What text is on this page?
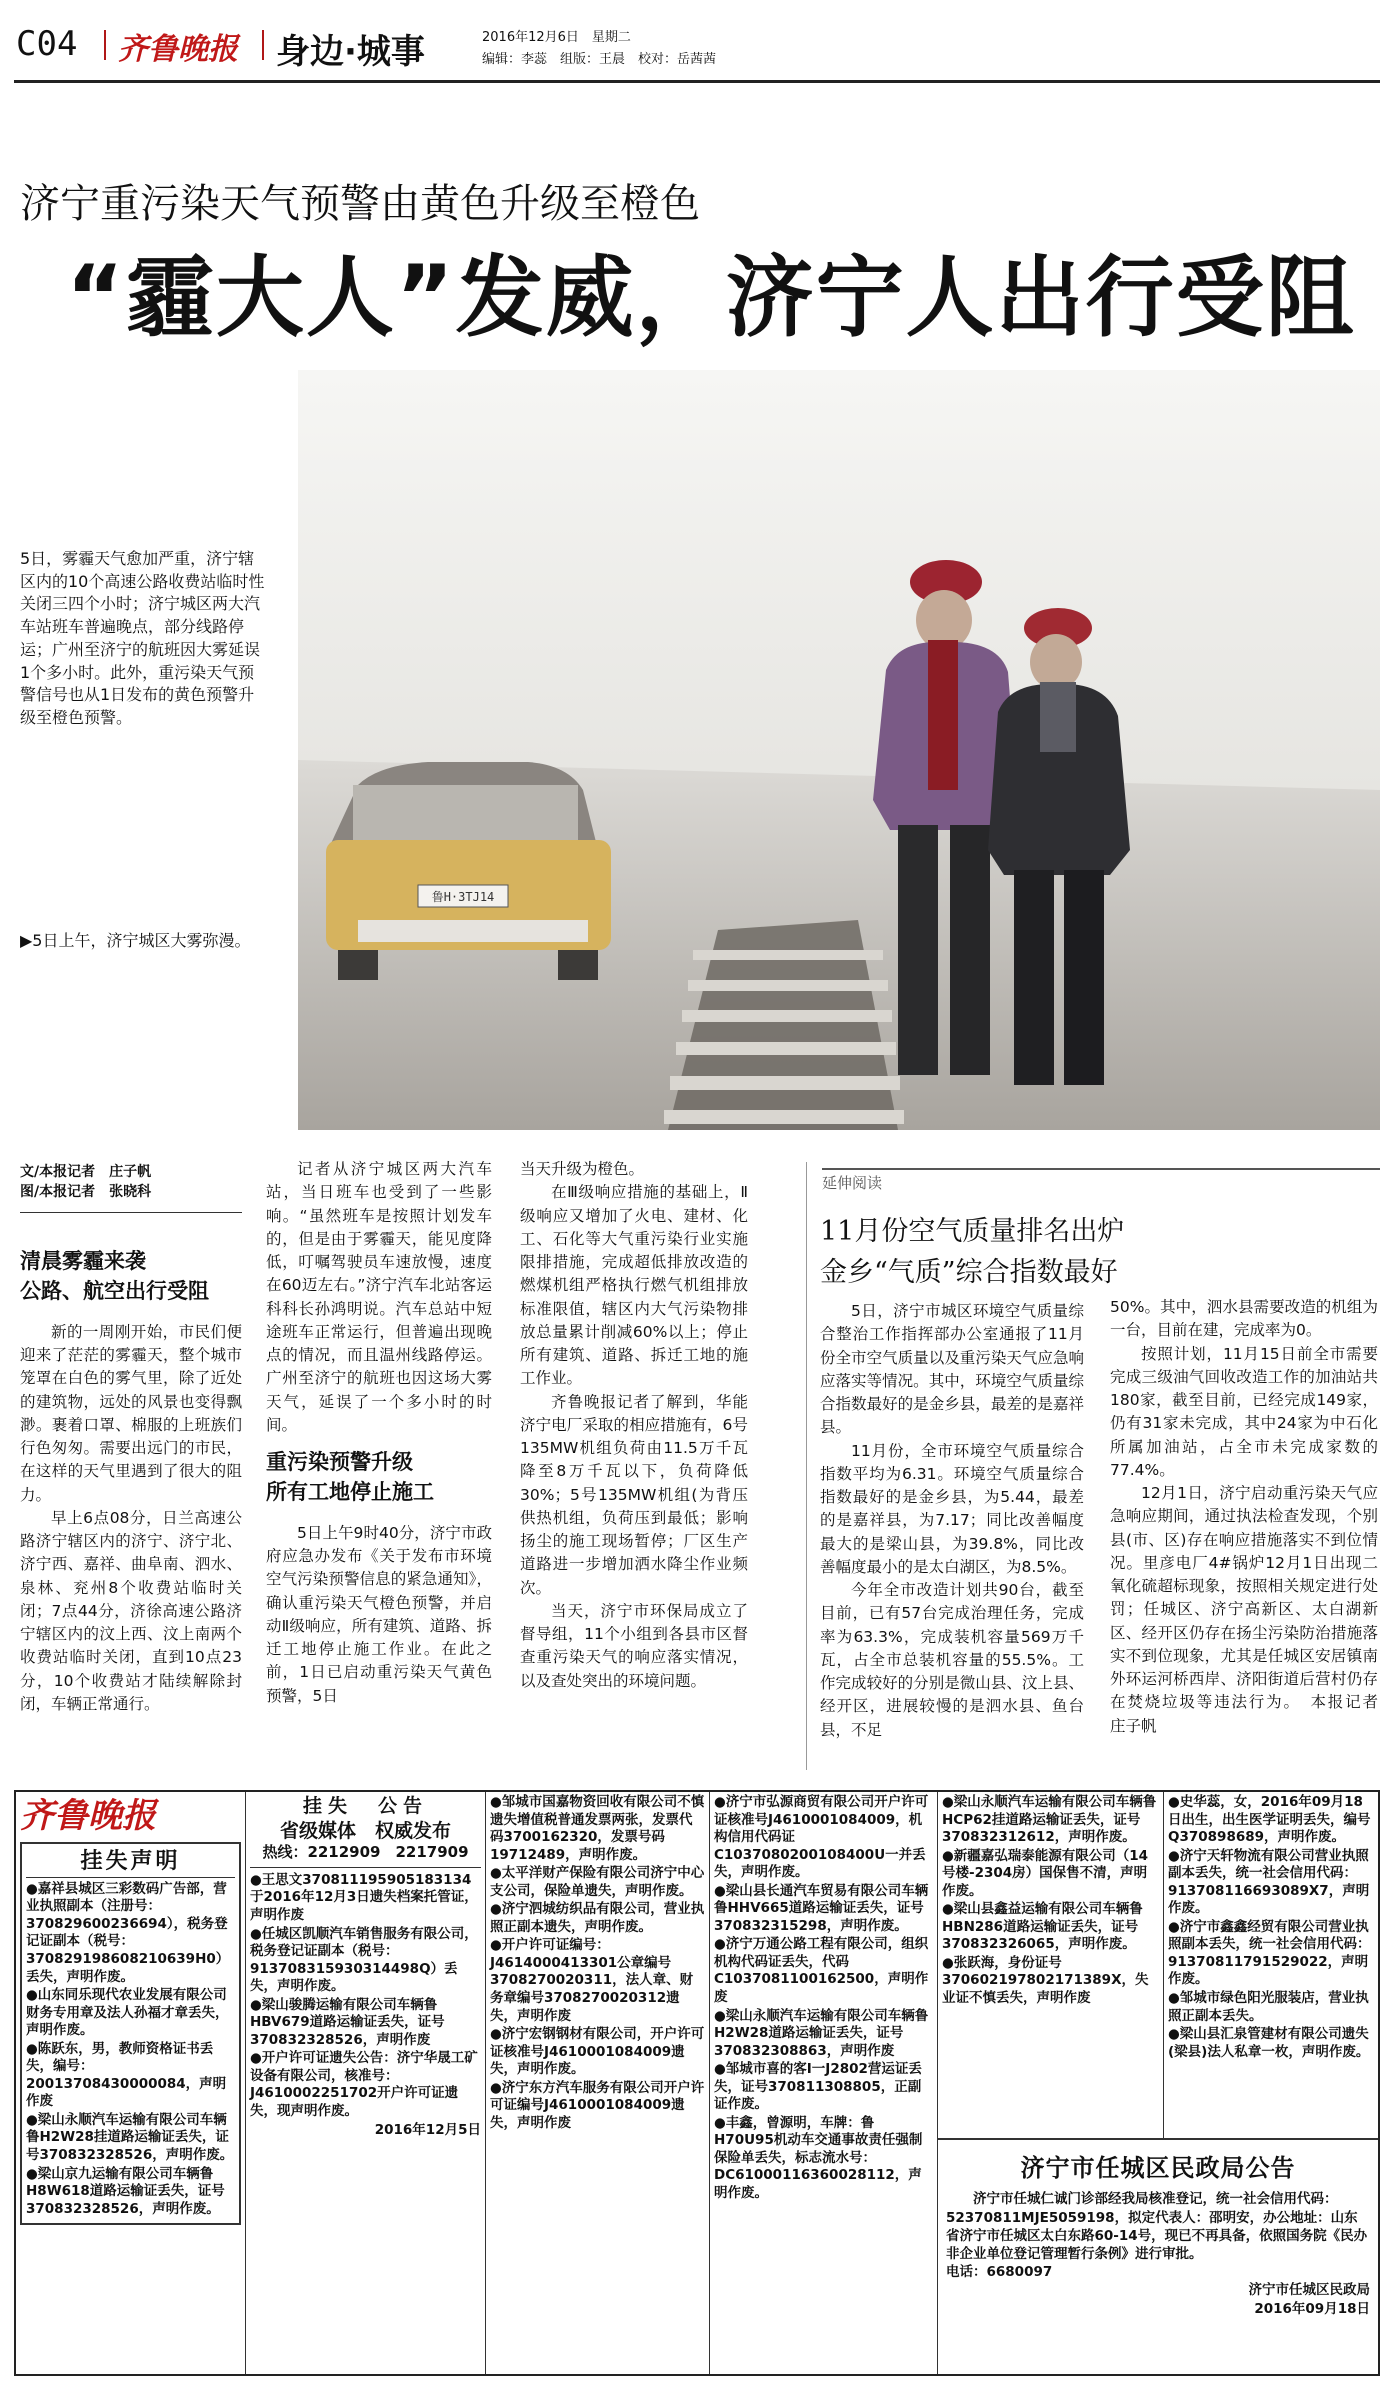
C04 齐鲁晚报 身边·城事	2016年12月6日　星期二
编辑：李蕊　组版：王晨　校对：岳茜茜
济宁重污染天气预警由黄色升级至橙色
“霾大人”发威，济宁人出行受阻
鲁H·3TJ14
5日，雾霾天气愈加严重，济宁辖区内的10个高速公路收费站临时性关闭三四个小时；济宁城区两大汽车站班车普遍晚点，部分线路停运；广州至济宁的航班因大雾延误1个多小时。此外，重污染天气预警信号也从1日发布的黄色预警升级至橙色预警。
▶5日上午，济宁城区大雾弥漫。
文/本报记者　庄子帆
图/本报记者　张晓科
清晨雾霾来袭
公路、航空出行受阻

新的一周刚开始，市民们便迎来了茫茫的雾霾天，整个城市笼罩在白色的雾气里，除了近处的建筑物，远处的风景也变得飘渺。裹着口罩、棉服的上班族们行色匆匆。需要出远门的市民，在这样的天气里遇到了很大的阻力。

早上6点08分，日兰高速公路济宁辖区内的济宁、济宁北、济宁西、嘉祥、曲阜南、泗水、泉林、兖州8个收费站临时关闭；7点44分，济徐高速公路济宁辖区内的汶上西、汶上南两个收费站临时关闭，直到10点23分，10个收费站才陆续解除封闭，车辆正常通行。

记者从济宁城区两大汽车站，当日班车也受到了一些影响。“虽然班车是按照计划发车的，但是由于雾霾天，能见度降低，叮嘱驾驶员车速放慢，速度在60迈左右。”济宁汽车北站客运科科长孙鸿明说。汽车总站中短途班车正常运行，但普遍出现晚点的情况，而且温州线路停运。广州至济宁的航班也因这场大雾天气，延误了一个多小时的时间。

重污染预警升级
所有工地停止施工

5日上午9时40分，济宁市政府应急办发布《关于发布市环境空气污染预警信息的紧急通知》，确认重污染天气橙色预警，并启动Ⅱ级响应，所有建筑、道路、拆迁工地停止施工作业。在此之前，1日已启动重污染天气黄色预警，5日

当天升级为橙色。

在Ⅲ级响应措施的基础上，Ⅱ级响应又增加了火电、建材、化工、石化等大气重污染行业实施限排措施，完成超低排放改造的燃煤机组严格执行燃气机组排放标准限值，辖区内大气污染物排放总量累计削减60%以上；停止所有建筑、道路、拆迁工地的施工作业。

齐鲁晚报记者了解到，华能济宁电厂采取的相应措施有，6号135MW机组负荷由11.5万千瓦降至8万千瓦以下，负荷降低30%；5号135MW机组(为背压供热机组，负荷压到最低；影响扬尘的施工现场暂停；厂区生产道路进一步增加洒水降尘作业频次。

当天，济宁市环保局成立了督导组，11个小组到各县市区督查重污染天气的响应落实情况，以及查处突出的环境问题。

延伸阅读
11月份空气质量排名出炉
金乡“气质”综合指数最好

5日，济宁市城区环境空气质量综合整治工作指挥部办公室通报了11月份全市空气质量以及重污染天气应急响应落实等情况。其中，环境空气质量综合指数最好的是金乡县，最差的是嘉祥县。

11月份，全市环境空气质量综合指数平均为6.31。环境空气质量综合指数最好的是金乡县，为5.44，最差的是嘉祥县，为7.17；同比改善幅度最大的是梁山县，为39.8%，同比改善幅度最小的是太白湖区，为8.5%。

今年全市改造计划共90台，截至目前，已有57台完成治理任务，完成率为63.3%，完成装机容量569万千瓦，占全市总装机容量的55.5%。工作完成较好的分别是微山县、汶上县、经开区，进展较慢的是泗水县、鱼台县，不足

50%。其中，泗水县需要改造的机组为一台，目前在建，完成率为0。

按照计划，11月15日前全市需要完成三级油气回收改造工作的加油站共180家，截至目前，已经完成149家，仍有31家未完成，其中24家为中石化所属加油站，占全市未完成家数的77.4%。

12月1日，济宁启动重污染天气应急响应期间，通过执法检查发现，个别县(市、区)存在响应措施落实不到位情况。里彦电厂4#锅炉12月1日出现二氧化硫超标现象，按照相关规定进行处罚；任城区、济宁高新区、太白湖新区、经开区仍存在扬尘污染防治措施落实不到位现象，尤其是任城区安居镇南外环运河桥西岸、济阳街道后营村仍存在焚烧垃圾等违法行为。　本报记者　庄子帆

齐鲁晚报
挂失声明

●嘉祥县城区三彩数码广告部，营业执照副本（注册号：370829600236694），税务登记证副本（税号：370829198608210639H0）丢失，声明作废。

●山东同乐现代农业发展有限公司财务专用章及法人孙福才章丢失，声明作废。

●陈跃东，男，教师资格证书丢失，编号：20013708430000084，声明作废

●梁山永顺汽车运输有限公司车辆鲁H2W28挂道路运输证丢失，证号370832328526，声明作废。

●梁山京九运输有限公司车辆鲁H8W618道路运输证丢失，证号370832328526，声明作废。

挂失　公告
省级媒体　权威发布
热线：2212909　2217909

●王思文370811195905183134于2016年12月3日遗失档案托管证，声明作废

●任城区凯顺汽车销售服务有限公司，税务登记证副本（税号：913708315930314498Q）丢失，声明作废。

●梁山骏腾运输有限公司车辆鲁HBV679道路运输证丢失，证号370832328526，声明作废

●开户许可证遗失公告：济宁华晟工矿设备有限公司，核准号：J4610002251702开户许可证遗失，现声明作废。

2016年12月5日

●邹城市国嘉物资回收有限公司不慎遗失增值税普通发票两张，发票代码3700162320，发票号码19712489，声明作废。

●太平洋财产保险有限公司济宁中心支公司，保险单遗失，声明作废。

●济宁泗城纺织品有限公司，营业执照正副本遗失，声明作废。

●开户许可证编号：J4614000413301公章编号3708270020311，法人章、财务章编号3708270020312遗失，声明作废

●济宁宏钢钢材有限公司，开户许可证核准号J4610001084009遗失，声明作废。

●济宁东方汽车服务有限公司开户许可证编号J4610001084009遗失，声明作废

●济宁市弘源商贸有限公司开户许可证核准号J4610001084009，机构信用代码证C1037080200108400U一并丢失，声明作废。

●梁山县长通汽车贸易有限公司车辆鲁HHV665道路运输证丢失，证号370832315298，声明作废。

●济宁万通公路工程有限公司，组织机构代码证丢失，代码C1037081100162500，声明作废

●梁山永顺汽车运输有限公司车辆鲁H2W28道路运输证丢失，证号370832308863，声明作废

●邹城市喜的客I一J2802营运证丢失，证号370811308805，正副证作废。

●丰鑫，曾源明，车牌：鲁H70U95机动车交通事故责任强制保险单丢失，标志流水号：DC61000116360028112，声明作废。

●梁山永顺汽车运输有限公司车辆鲁HCP62挂道路运输证丢失，证号370832312612，声明作废。

●新疆嘉弘瑞泰能源有限公司（14号楼-2304房）国保售不清，声明作废。

●梁山县鑫益运输有限公司车辆鲁HBN286道路运输证丢失，证号370832326065，声明作废。

●张跃海，身份证号370602197802171389X，失业证不慎丢失，声明作废

●史华蕊，女，2016年09月18日出生，出生医学证明丢失，编号Q370898689，声明作废。

●济宁天轩物流有限公司营业执照副本丢失，统一社会信用代码：913708116693089X7，声明作废。

●济宁市鑫鑫经贸有限公司营业执照副本丢失，统一社会信用代码：91370811791529022，声明作废。

●邹城市绿色阳光服装店，营业执照正副本丢失。

●梁山县汇泉管建材有限公司遗失(梁县)法人私章一枚，声明作废。

济宁市任城区民政局公告

济宁市任城仁诚门诊部经我局核准登记，统一社会信用代码：52370811MJE5059198，拟定代表人：邵明安，办公地址：山东省济宁市任城区太白东路60-14号，现已不再具备，依照国务院《民办非企业单位登记管理暂行条例》进行审批。

电话：6680097

济宁市任城区民政局

2016年09月18日
